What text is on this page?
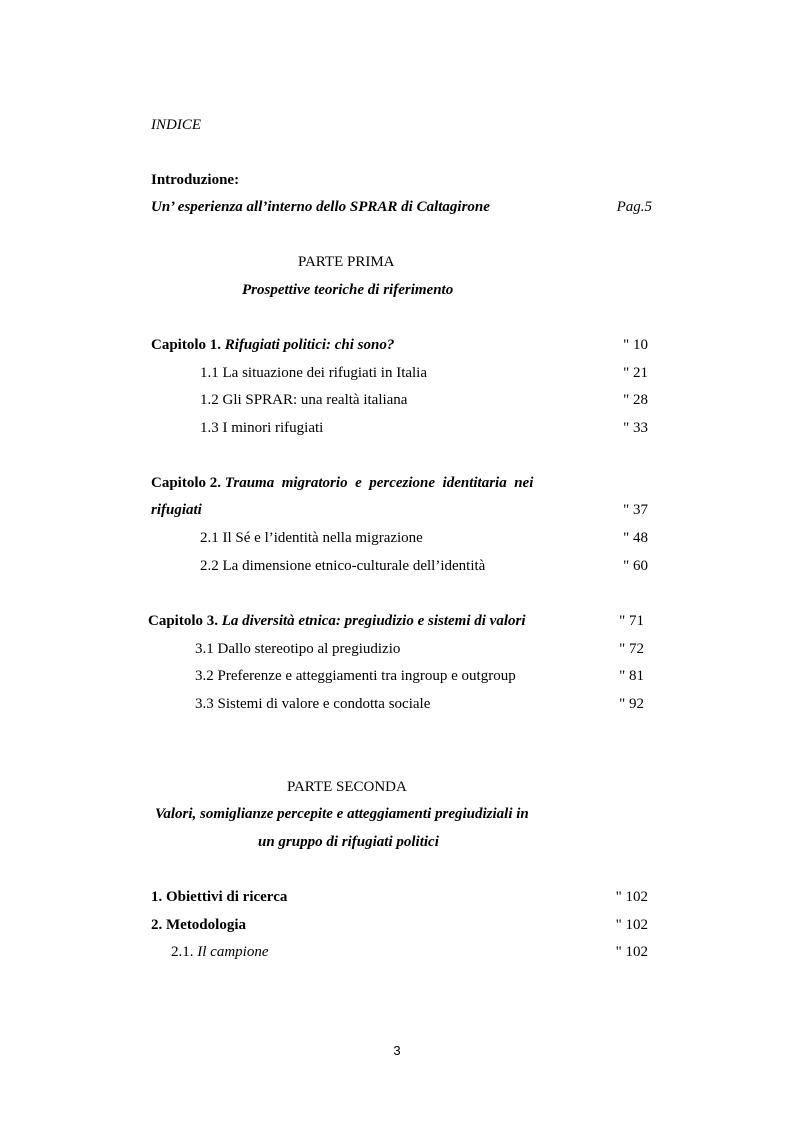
INDICE
Introduzione:
Un’ esperienza all’interno dello SPRAR di Caltagirone	Pag.5
PARTE PRIMA
Prospettive teoriche di riferimento
Capitolo 1. Rifugiati politici: chi sono?	" 10
1.1 La situazione dei rifugiati in Italia	" 21
1.2 Gli SPRAR: una realtà italiana	" 28
1.3 I minori rifugiati	" 33
Capitolo 2. Trauma  migratorio  e  percezione  identitaria  nei
rifugiati	" 37
2.1 Il Sé e l’identità nella migrazione	" 48
2.2 La dimensione etnico-culturale dell’identità	" 60
Capitolo 3. La diversità etnica: pregiudizio e sistemi di valori	" 71
3.1 Dallo stereotipo al pregiudizio	" 72
3.2 Preferenze e atteggiamenti tra ingroup e outgroup	" 81
3.3 Sistemi di valore e condotta sociale	" 92
PARTE SECONDA
Valori, somiglianze percepite e atteggiamenti pregiudiziali in
un gruppo di rifugiati politici
1. Obiettivi di ricerca	" 102
2. Metodologia	" 102
2.1. Il campione	" 102
3
